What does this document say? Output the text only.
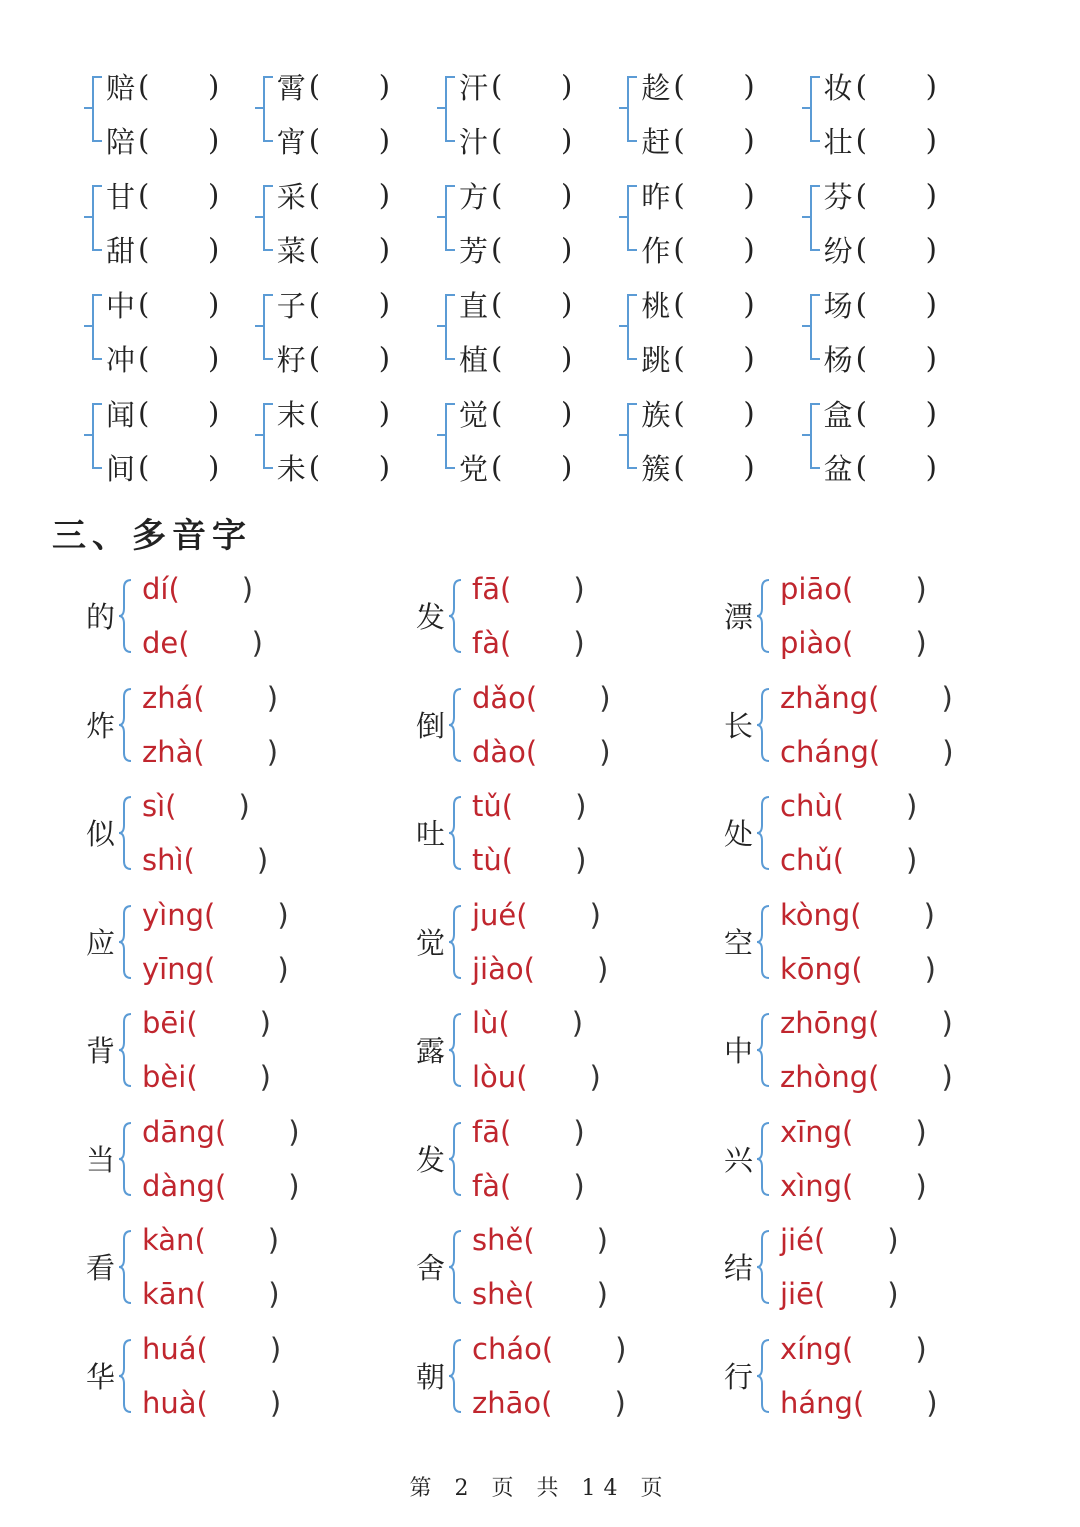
赔 (	)
陪 (	)
霄 (	)
宵 (	)
汗 (	)
汁 (	)
趁 (	)
赶 (	)
妆 (	)
壮 (	)
甘 (	)
甜 (	)
采 (	)
菜 (	)
方 (	)
芳 (	)
昨 (	)
作 (	)
芬 (	)
纷 (	)
中 (	)
冲 (	)
子 (	)
籽 (	)
直 (	)
植 (	)
桃 (	)
跳 (	)
场 (	)
杨 (	)
闻 (	)
间 (	)
末 (	)
未 (	)
觉 (	)
党 (	)
族 (	)
簇 (	)
盒 (	)
盆 (	)
三、多音字
的
dí ( )
de ( )
发
fā ( )
fà ( )
漂
piāo ( )
piào ( )
炸
zhá ( )
zhà ( )
倒
dǎo ( )
dào ( )
长
zhǎng ( )
cháng ( )
似
sì ( )
shì ( )
吐
tǔ ( )
tù ( )
处
chù ( )
chǔ ( )
应
yìng ( )
yīng ( )
觉
jué ( )
jiào ( )
空
kòng ( )
kōng ( )
背
bēi ( )
bèi ( )
露
lù ( )
lòu ( )
中
zhōng ( )
zhòng ( )
当
dāng ( )
dàng ( )
发
fā ( )
fà ( )
兴
xīng ( )
xìng ( )
看
kàn ( )
kān ( )
舍
shě ( )
shè ( )
结
jié ( )
jiē ( )
华
huá ( )
huà ( )
朝
cháo ( )
zhāo ( )
行
xíng ( )
háng ( )
第 2 页 共 14 页
